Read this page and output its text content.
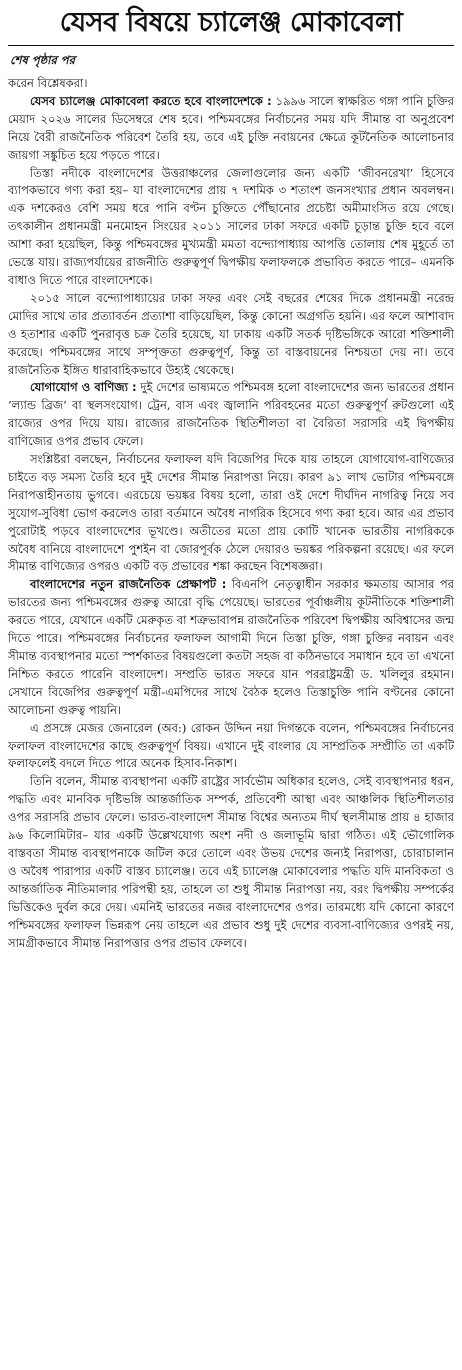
যেসব বিষয়ে চ্যালেঞ্জ মোকাবেলা
শেষ পৃষ্ঠার পর

করেন বিশ্লেষকরা।

যেসব চ্যালেঞ্জ মোকাবেলা করতে হবে বাংলাদেশকে : ১৯৯৬ সালে স্বাক্ষরিত গঙ্গা পানি চুক্তির মেয়াদ ২০২৬ সালের ডিসেম্বরে শেষ হবে। পশ্চিমবঙ্গের নির্বাচনের সময় যদি সীমান্ত বা অনুপ্রবেশ নিয়ে বৈরী রাজনৈতিক পরিবেশ তৈরি হয়, তবে এই চুক্তি নবায়নের ক্ষেত্রে কূটনৈতিক আলোচনার জায়গা সঙ্কুচিত হয়ে পড়তে পারে।

তিস্তা নদীকে বাংলাদেশের উত্তরাঞ্চলের জেলাগুলোর জন্য একটি ‘জীবনরেখা’ হিসেবে ব্যাপকভাবে গণ্য করা হয়– যা বাংলাদেশের প্রায় ৭ দশমিক ৩ শতাংশ জনসংখ্যার প্রধান অবলম্বন। এক দশকেরও বেশি সময় ধরে পানি বণ্টন চুক্তিতে পৌঁছানোর প্রচেষ্টা অমীমাংসিত রয়ে গেছে। তৎকালীন প্রধানমন্ত্রী মনমোহন সিংয়ের ২০১১ সালের ঢাকা সফরে একটি চূড়ান্ত চুক্তি হবে বলে আশা করা হয়েছিল, কিন্তু পশ্চিমবঙ্গের মুখ্যমন্ত্রী মমতা বন্দ্যোপাধ্যায় আপত্তি তোলায় শেষ মুহূর্তে তা ভেস্তে যায়। রাজ্যপর্যায়ের রাজনীতি গুরুত্বপূর্ণ দ্বিপক্ষীয় ফলাফলকে প্রভাবিত করতে পারে– এমনকি বাধাও দিতে পারে বাংলাদেশকে।

২০১৫ সালে বন্দ্যোপাধ্যায়ের ঢাকা সফর এবং সেই বছরের শেষের দিকে প্রধানমন্ত্রী নরেন্দ্র মোদির সাথে তার প্রত্যাবর্তন প্রত্যাশা বাড়িয়েছিল, কিন্তু কোনো অগ্রগতি হয়নি। এর ফলে আশাবাদ ও হতাশার একটি পুনরাবৃত্ত চক্র তৈরি হয়েছে, যা ঢাকায় একটি সতর্ক দৃষ্টিভঙ্গিকে আরো শক্তিশালী করেছে। পশ্চিমবঙ্গের সাথে সম্পৃক্ততা গুরুত্বপূর্ণ, কিন্তু তা বাস্তবায়নের নিশ্চয়তা দেয় না। তবে রাজনৈতিক ইঙ্গিত ধারাবাহিকভাবে উহ্যই থেকেছে।

যোগাযোগ ও বাণিজ্য : দুই দেশের ভাষ্যমতে পশ্চিমবঙ্গ হলো বাংলাদেশের জন্য ভারতের প্রধান ‘ল্যান্ড ব্রিজ’ বা স্থলসংযোগ। ট্রেন, বাস এবং জ্বালানি পরিবহনের মতো গুরুত্বপূর্ণ রুটগুলো এই রাজ্যের ওপর দিয়ে যায়। রাজ্যের রাজনৈতিক স্থিতিশীলতা বা বৈরিতা সরাসরি এই দ্বিপক্ষীয় বাণিজ্যের ওপর প্রভাব ফেলে।

সংশ্লিষ্টরা বলছেন, নির্বাচনের ফলাফল যদি বিজেপির দিকে যায় তাহলে যোগাযোগ-বাণিজ্যের চাইতে বড় সমস্য তৈরি হবে দুই দেশের সীমান্ত নিরাপত্তা নিয়ে। কারণ ৯১ লাখ ভোটার পশ্চিমবঙ্গে নিরাপত্তাহীনতায় ভুগবে। এরচেয়ে ভয়ঙ্কর বিষয় হলো, তারা ওই দেশে দীর্ঘদিন নাগরিত্ব নিয়ে সব সুযোগ-সুবিধা ভোগ করলেও তারা বর্তমানে অবৈধ নাগরিক হিসেবে গণ্য করা হবে। আর এর প্রভাব পুরোটাই পড়বে বাংলাদেশের ভূখণ্ডে। অতীতের মতো প্রায় কোটি খানেক ভারতীয় নাগরিককে অবৈধ বানিয়ে বাংলাদেশে পুশইন বা জোরপূর্বক ঠেলে দেয়ারও ভয়ঙ্কর পরিকল্পনা রয়েছে। এর ফলে সীমান্ত বাণিজ্যের ওপরও একটি বড় প্রভাবের শঙ্কা করছেন বিশেষজ্ঞরা।

বাংলাদেশের নতুন রাজনৈতিক প্রেক্ষাপট : বিএনপি নেতৃত্বাধীন সরকার ক্ষমতায় আসার পর ভারতের জন্য পশ্চিমবঙ্গের গুরুত্ব আরো বৃদ্ধি পেয়েছে। ভারতের পূর্বাঞ্চলীয় কূটনীতিকে শক্তিশালী করতে পারে, যেখানে একটি মেরুকৃত বা শত্রুভাবাপন্ন রাজনৈতিক পরিবেশ দ্বিপক্ষীয় অবিশ্বাসের জন্ম দিতে পারে। পশ্চিমবঙ্গের নির্বাচনের ফলাফল আগামী দিনে তিস্তা চুক্তি, গঙ্গা চুক্তির নবায়ন এবং সীমান্ত ব্যবস্থাপনার মতো স্পর্শকাতর বিষয়গুলো কতটা সহজ বা কঠিনভাবে সমাধান হবে তা এখনো নিশ্চিত করতে পারেনি বাংলাদেশ। সম্প্রতি ভারত সফরে যান পররাষ্ট্রমন্ত্রী ড. খলিলুর রহমান। সেখানে বিজেপির গুরুত্বপূর্ণ মন্ত্রী-এমপিদের সাথে বৈঠক হলেও তিস্তাচুক্তি পানি বণ্টনের কোনো আলোচনা গুরুত্ব পায়নি।

এ প্রসঙ্গে মেজর জেনারেল (অব:) রোকন উদ্দিন নয়া দিগন্তকে বলেন, পশ্চিমবঙ্গের নির্বাচনের ফলাফল বাংলাদেশের কাছে গুরুত্বপূর্ণ বিষয়। এখানে দুই বাংলার যে সাম্প্রতিক সম্প্রীতি তা একটি ফলাফলেই বদলে দিতে পারে অনেক হিসাব-নিকাশ।

তিনি বলেন, সীমান্ত ব্যবস্থাপনা একটি রাষ্ট্রের সার্বভৌম অধিকার হলেও, সেই ব্যবস্থাপনার ধরন, পদ্ধতি এবং মানবিক দৃষ্টিভঙ্গি আন্তর্জাতিক সম্পর্ক, প্রতিবেশী আস্থা এবং আঞ্চলিক স্থিতিশীলতার ওপর সরাসরি প্রভাব ফেলে। ভারত-বাংলাদেশ সীমান্ত বিশ্বের অন্যতম দীর্ঘ স্থলসীমান্ত প্রায় ৪ হাজার ৯৬ কিলোমিটার– যার একটি উল্লেখযোগ্য অংশ নদী ও জলাভূমি দ্বারা গঠিত। এই ভৌগোলিক বাস্তবতা সীমান্ত ব্যবস্থাপনাকে জটিল করে তোলে এবং উভয় দেশের জন্যই নিরাপত্তা, চোরাচালান ও অবৈধ পারাপার একটি বাস্তব চ্যালেঞ্জ। তবে এই চ্যালেঞ্জ মোকাবেলার পদ্ধতি যদি মানবিকতা ও আন্তর্জাতিক নীতিমালার পরিপন্থী হয়, তাহলে তা শুধু সীমান্ত নিরাপত্তা নয়, বরং দ্বিপক্ষীয় সম্পর্কের ভিত্তিকেও দুর্বল করে দেয়। এমনিই ভারতের নজর বাংলাদেশের ওপর। তারমধ্যে যদি কোনো কারণে পশ্চিমবঙ্গের ফলাফল ভিন্নরূপ নেয় তাহলে এর প্রভাব শুধু দুই দেশের ব্যবসা-বাণিজ্যের ওপরই নয়, সামগ্রীকভাবে সীমান্ত নিরাপত্তার ওপর প্রভাব ফেলবে।
